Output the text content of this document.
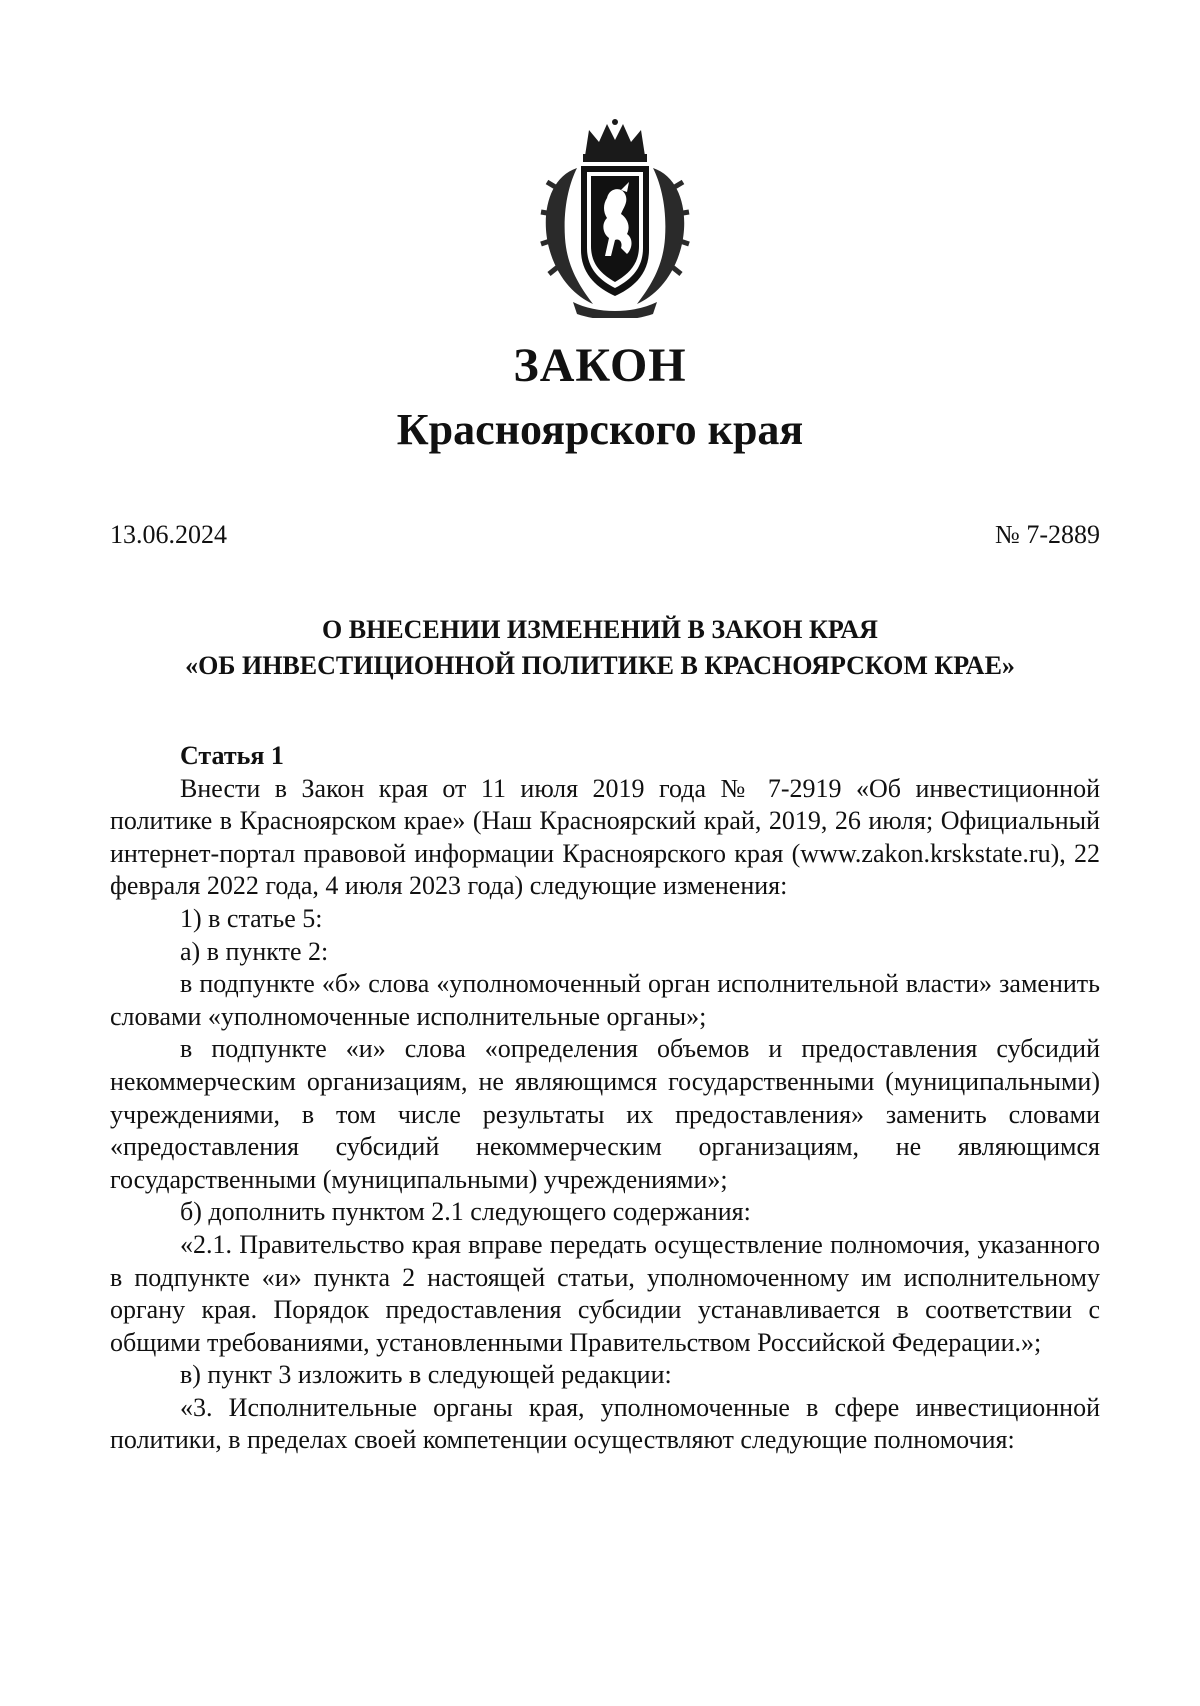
ЗАКОН
Красноярского края
13.06.2024	№ 7-2889
О ВНЕСЕНИИ ИЗМЕНЕНИЙ В ЗАКОН КРАЯ
«ОБ ИНВЕСТИЦИОННОЙ ПОЛИТИКЕ В КРАСНОЯРСКОМ КРАЕ»

Статья 1

Внести в Закон края от 11 июля 2019 года № 7-2919 «Об инвестиционной политике в Красноярском крае» (Наш Красноярский край, 2019, 26 июля; Официальный интернет-портал правовой информации Красноярского края (www.zakon.krskstate.ru), 22 февраля 2022 года, 4 июля 2023 года) следующие изменения:

1) в статье 5:

а) в пункте 2:

в подпункте «б» слова «уполномоченный орган исполнительной власти» заменить словами «уполномоченные исполнительные органы»;

в подпункте «и» слова «определения объемов и предоставления субсидий некоммерческим организациям, не являющимся государственными (муниципальными) учреждениями, в том числе результаты их предоставления» заменить словами «предоставления субсидий некоммерческим организациям, не являющимся государственными (муниципальными) учреждениями»;

б) дополнить пунктом 2.1 следующего содержания:

«2.1. Правительство края вправе передать осуществление полномочия, указанного в подпункте «и» пункта 2 настоящей статьи, уполномоченному им исполнительному органу края. Порядок предоставления субсидии устанавливается в соответствии с общими требованиями, установленными Правительством Российской Федерации.»;

в) пункт 3 изложить в следующей редакции:

«3. Исполнительные органы края, уполномоченные в сфере инвестиционной политики, в пределах своей компетенции осуществляют следующие полномочия:
